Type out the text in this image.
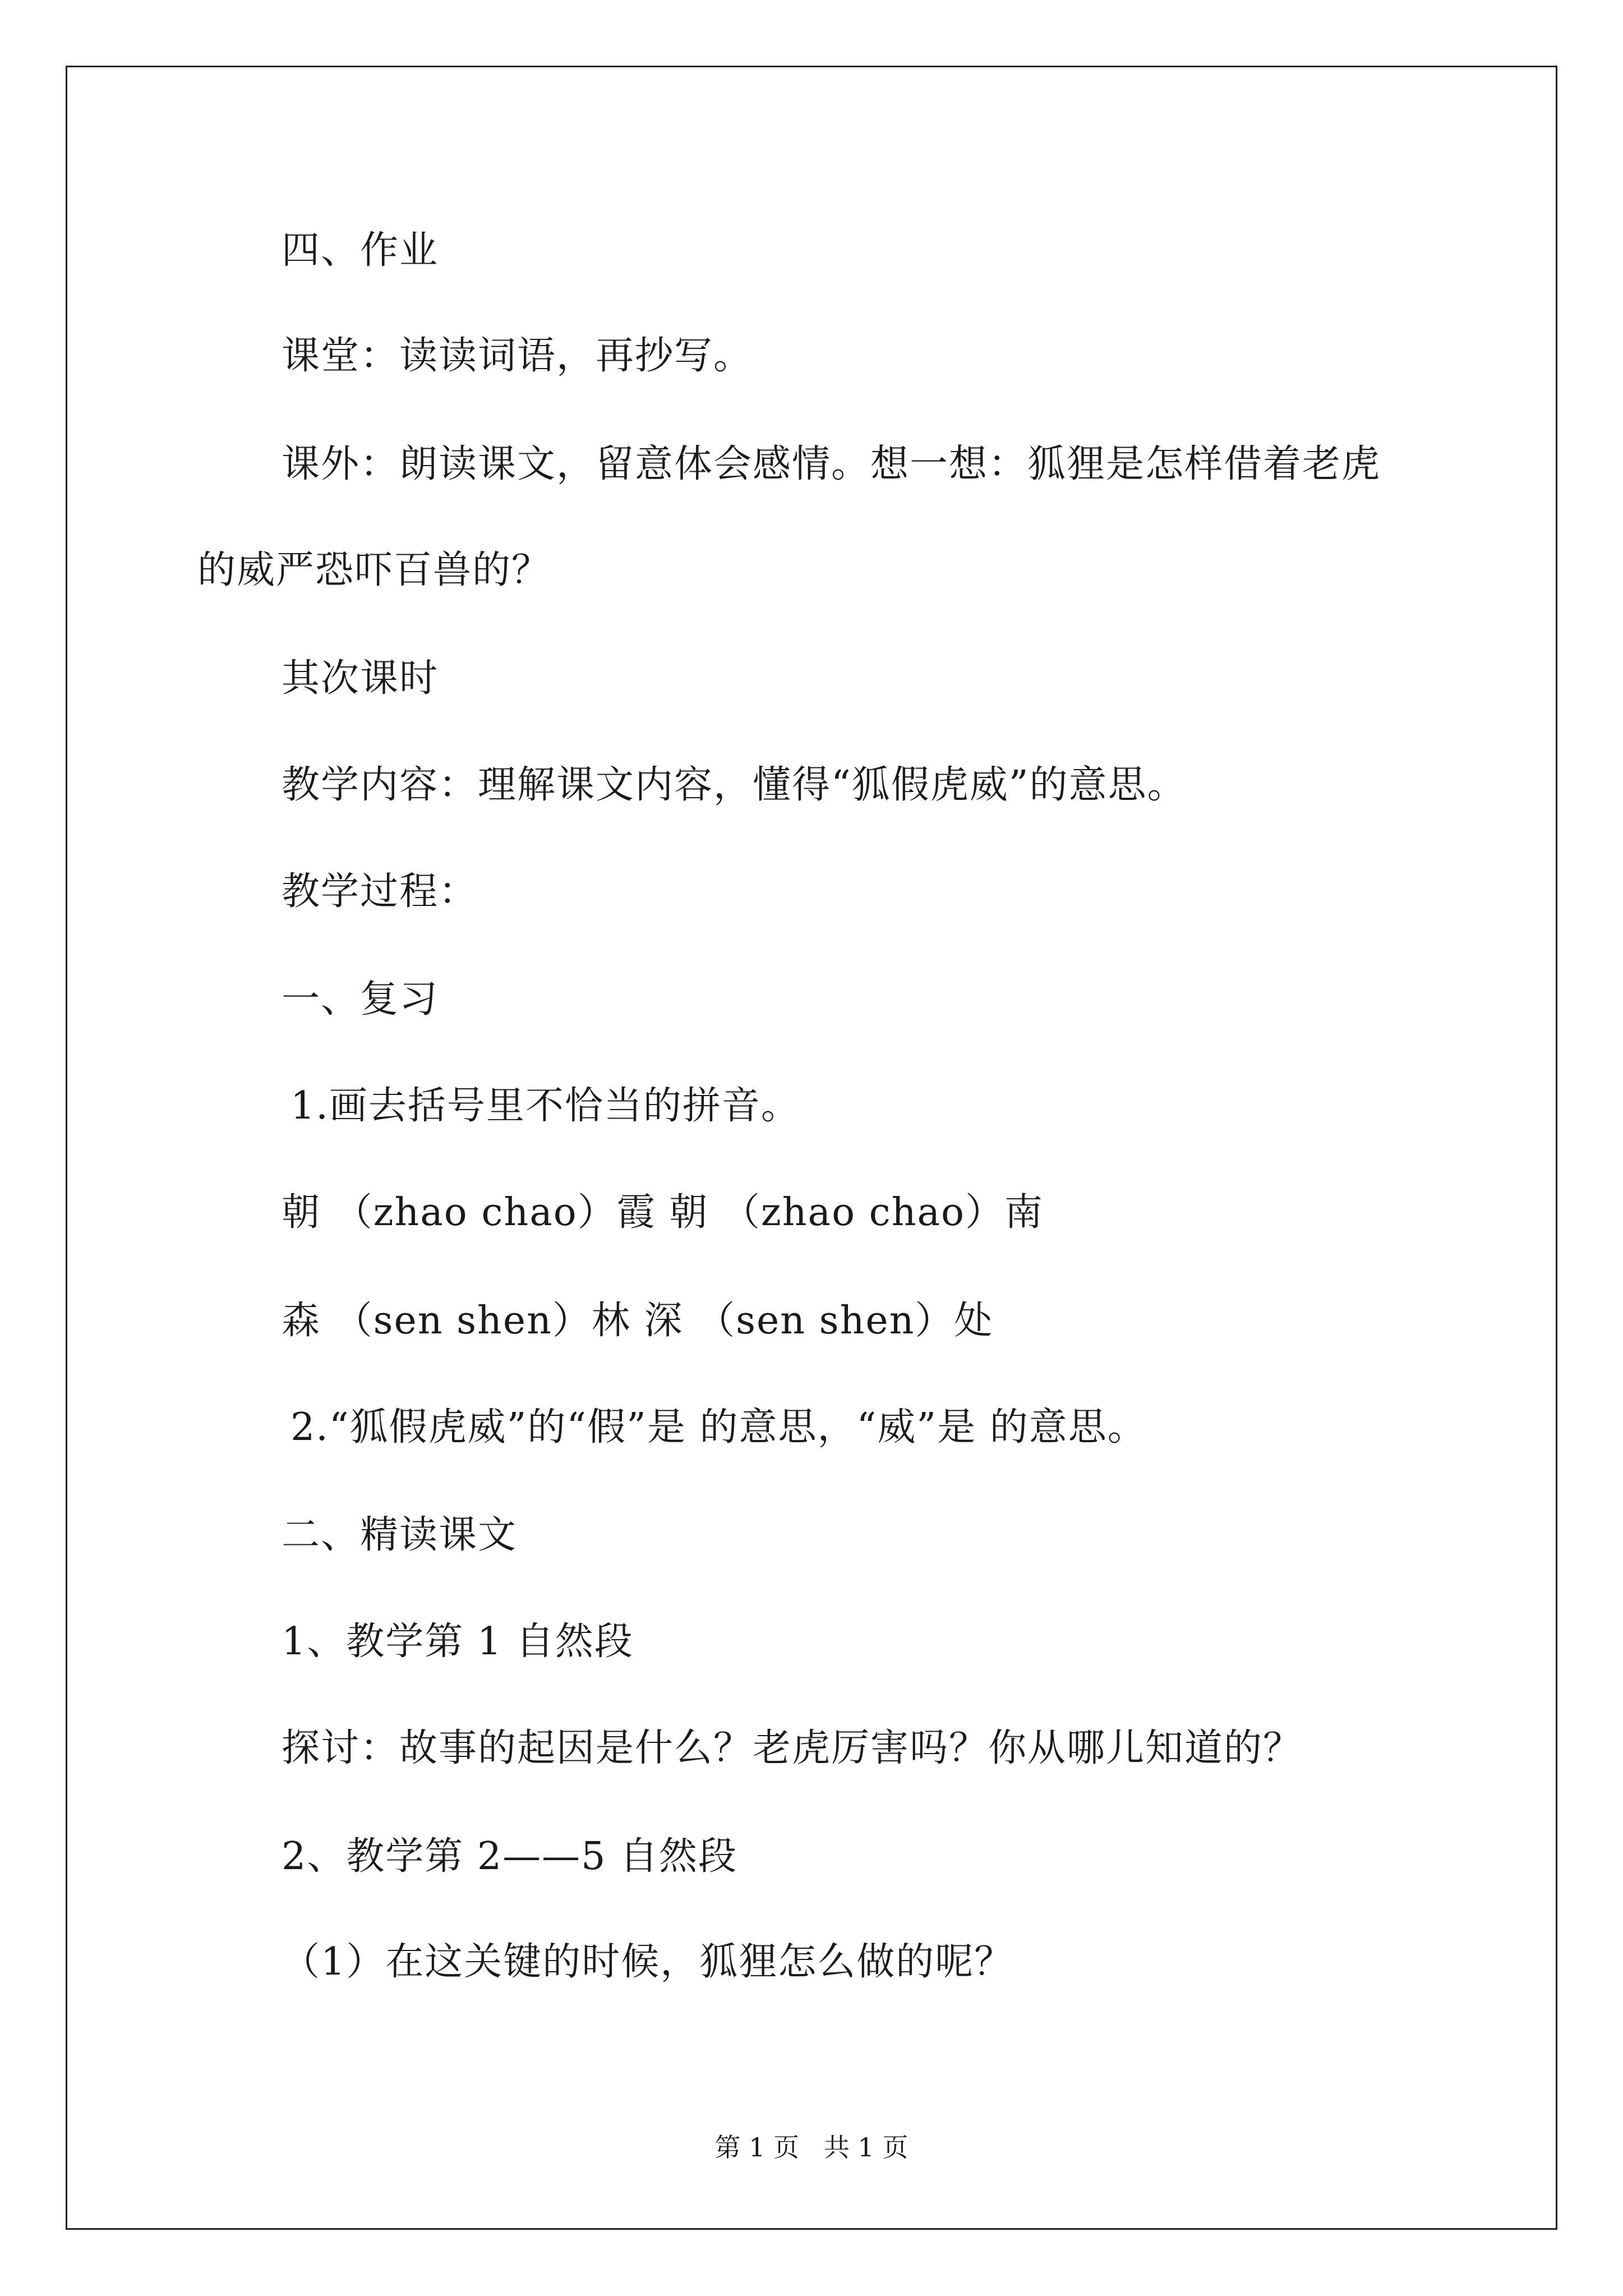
四、作业
课堂：读读词语，再抄写。
课外：朗读课文，留意体会感情。想一想：狐狸是怎样借着老虎
的威严恐吓百兽的？
其次课时
教学内容：理解课文内容，懂得“狐假虎威”的意思。
教学过程：
一、复习
1.画去括号里不恰当的拼音。
朝 （zhao chao）霞 朝 （zhao chao）南
森 （sen shen）林 深 （sen shen）处
2.“狐假虎威”的“假”是 的意思，“威”是 的意思。
二、精读课文
1、教学第 1 自然段
探讨：故事的起因是什么？老虎厉害吗？你从哪儿知道的？
2、教学第 2——5 自然段
（1）在这关键的时候，狐狸怎么做的呢？
第 1 页   共 1 页
